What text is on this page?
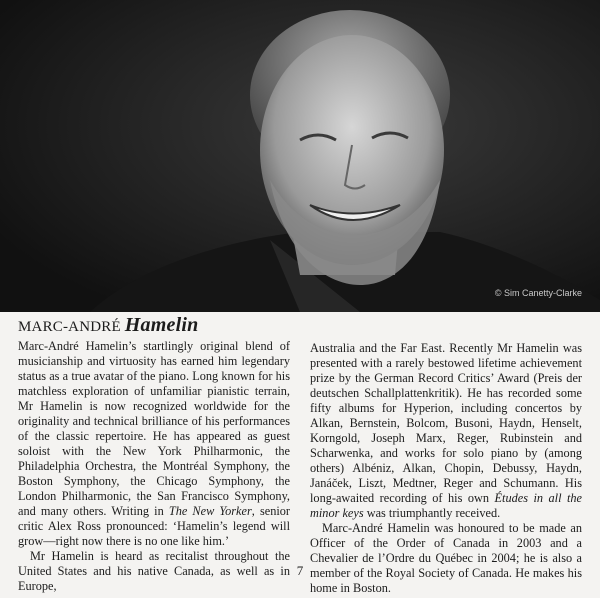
© Sim Canetty-Clarke
MARC-ANDRÉ Hamelin

Marc-André Hamelin’s startlingly original blend of musicianship and virtuosity has earned him legendary status as a true avatar of the piano. Long known for his matchless exploration of unfamiliar pianistic terrain, Mr Hamelin is now recognized worldwide for the originality and technical brilliance of his performances of the classic repertoire. He has appeared as guest soloist with the New York Philharmonic, the Philadelphia Orchestra, the Montréal Symphony, the Boston Symphony, the Chicago Symphony, the London Philharmonic, the San Francisco Symphony, and many others. Writing in The New Yorker, senior critic Alex Ross pronounced: ‘Hamelin’s legend will grow—right now there is no one like him.’

Mr Hamelin is heard as recitalist throughout the United States and his native Canada, as well as in Europe,

Australia and the Far East. Recently Mr Hamelin was presented with a rarely bestowed lifetime achievement prize by the German Record Critics’ Award (Preis der deutschen Schallplattenkritik). He has recorded some fifty albums for Hyperion, including concertos by Alkan, Bernstein, Bolcom, Busoni, Haydn, Henselt, Korngold, Joseph Marx, Reger, Rubinstein and Scharwenka, and works for solo piano by (among others) Albéniz, Alkan, Chopin, Debussy, Haydn, Janáček, Liszt, Medtner, Reger and Schumann. His long-awaited recording of his own Études in all the minor keys was triumphantly received.

Marc-André Hamelin was honoured to be made an Officer of the Order of Canada in 2003 and a Chevalier de l’Ordre du Québec in 2004; he is also a member of the Royal Society of Canada. He makes his home in Boston.

7
